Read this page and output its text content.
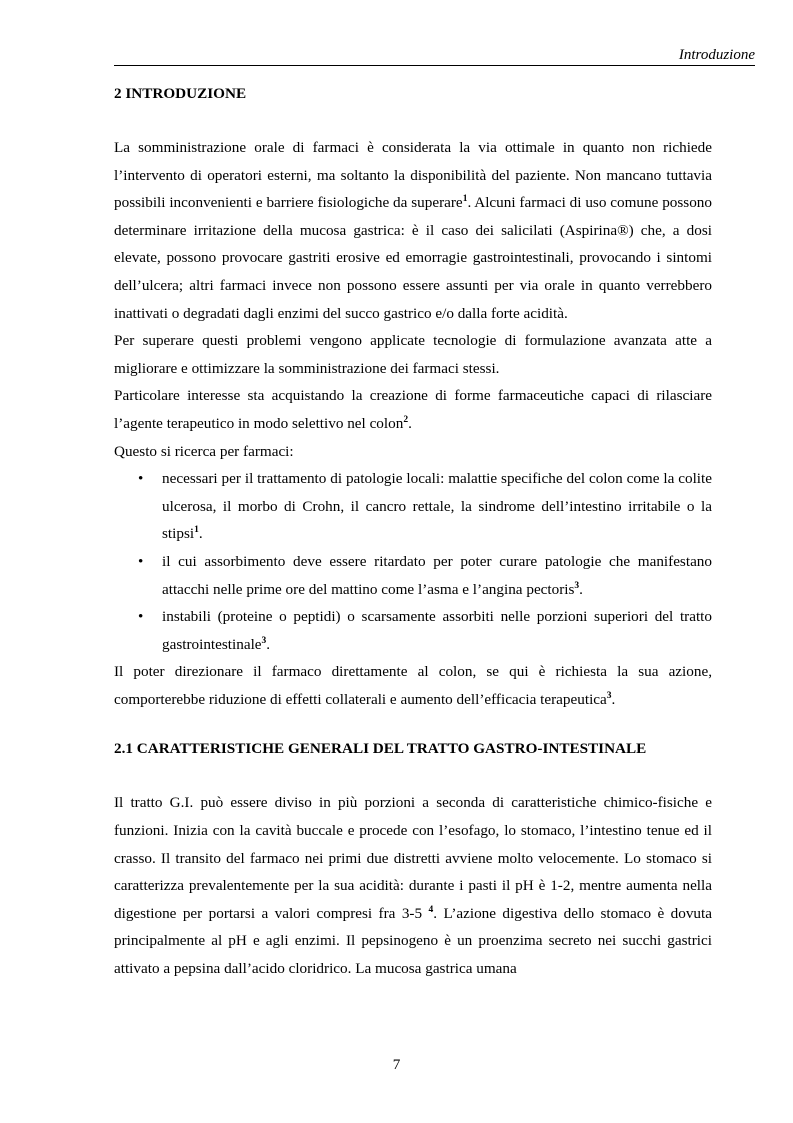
Introduzione
2 INTRODUZIONE

La somministrazione orale di farmaci è considerata la via ottimale in quanto non richiede l’intervento di operatori esterni, ma soltanto la disponibilità del paziente. Non mancano tuttavia possibili inconvenienti e barriere fisiologiche da superare$^1$. Alcuni farmaci di uso comune possono determinare irritazione della mucosa gastrica: è il caso dei salicilati (Aspirina®) che, a dosi elevate, possono provocare gastriti erosive ed emorragie gastrointestinali, provocando i sintomi dell’ulcera; altri farmaci invece non possono essere assunti per via orale in quanto verrebbero inattivati o degradati dagli enzimi del succo gastrico e/o dalla forte acidità.

Per superare questi problemi vengono applicate tecnologie di formulazione avanzata atte a migliorare e ottimizzare la somministrazione dei farmaci stessi.

Particolare interesse sta acquistando la creazione di forme farmaceutiche capaci di rilasciare l’agente terapeutico in modo selettivo nel colon$^2$.

Questo si ricerca per farmaci:

• necessari per il trattamento di patologie locali: malattie specifiche del colon come la colite ulcerosa, il morbo di Crohn, il cancro rettale, la sindrome dell’intestino irritabile o la stipsi$^1$.
• il cui assorbimento deve essere ritardato per poter curare patologie che manifestano attacchi nelle prime ore del mattino come l’asma e l’angina pectoris$^3$.
• instabili (proteine o peptidi) o scarsamente assorbiti nelle porzioni superiori del tratto gastrointestinale$^3$.

Il poter direzionare il farmaco direttamente al colon, se qui è richiesta la sua azione, comporterebbe riduzione di effetti collaterali e aumento dell’efficacia terapeutica$^3$.

2.1 CARATTERISTICHE GENERALI DEL TRATTO GASTRO-INTESTINALE

Il tratto G.I. può essere diviso in più porzioni a seconda di caratteristiche chimico-fisiche e funzioni. Inizia con la cavità buccale e procede con l’esofago, lo stomaco, l’intestino tenue ed il crasso. Il transito del farmaco nei primi due distretti avviene molto velocemente. Lo stomaco si caratterizza prevalentemente per la sua acidità: durante i pasti il pH è 1-2, mentre aumenta nella digestione per portarsi a valori compresi fra 3-5 $^4$. L’azione digestiva dello stomaco è dovuta principalmente al pH e agli enzimi. Il pepsinogeno è un proenzima secreto nei succhi gastrici attivato a pepsina dall’acido cloridrico. La mucosa gastrica umana

7
